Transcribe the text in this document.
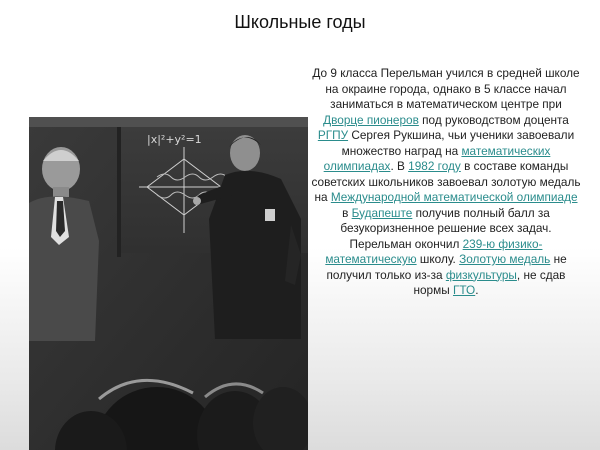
Школьные годы
|x|²+y²=1
До 9 класса Перельман учился в средней школе на окраине города, однако в 5 классе начал заниматься в математическом центре при Дворце пионеров под руководством доцента РГПУ Сергея Рукшина, чьи ученики завоевали множество наград на математических олимпиадах. В 1982 году в составе команды советских школьников завоевал золотую медаль на Международной математической олимпиаде в Будапеште получив полный балл за безукоризненное решение всех задач. Перельман окончил 239-ю физико-математическую школу. Золотую медаль не получил только из-за физкультуры, не сдав нормы ГТО.
